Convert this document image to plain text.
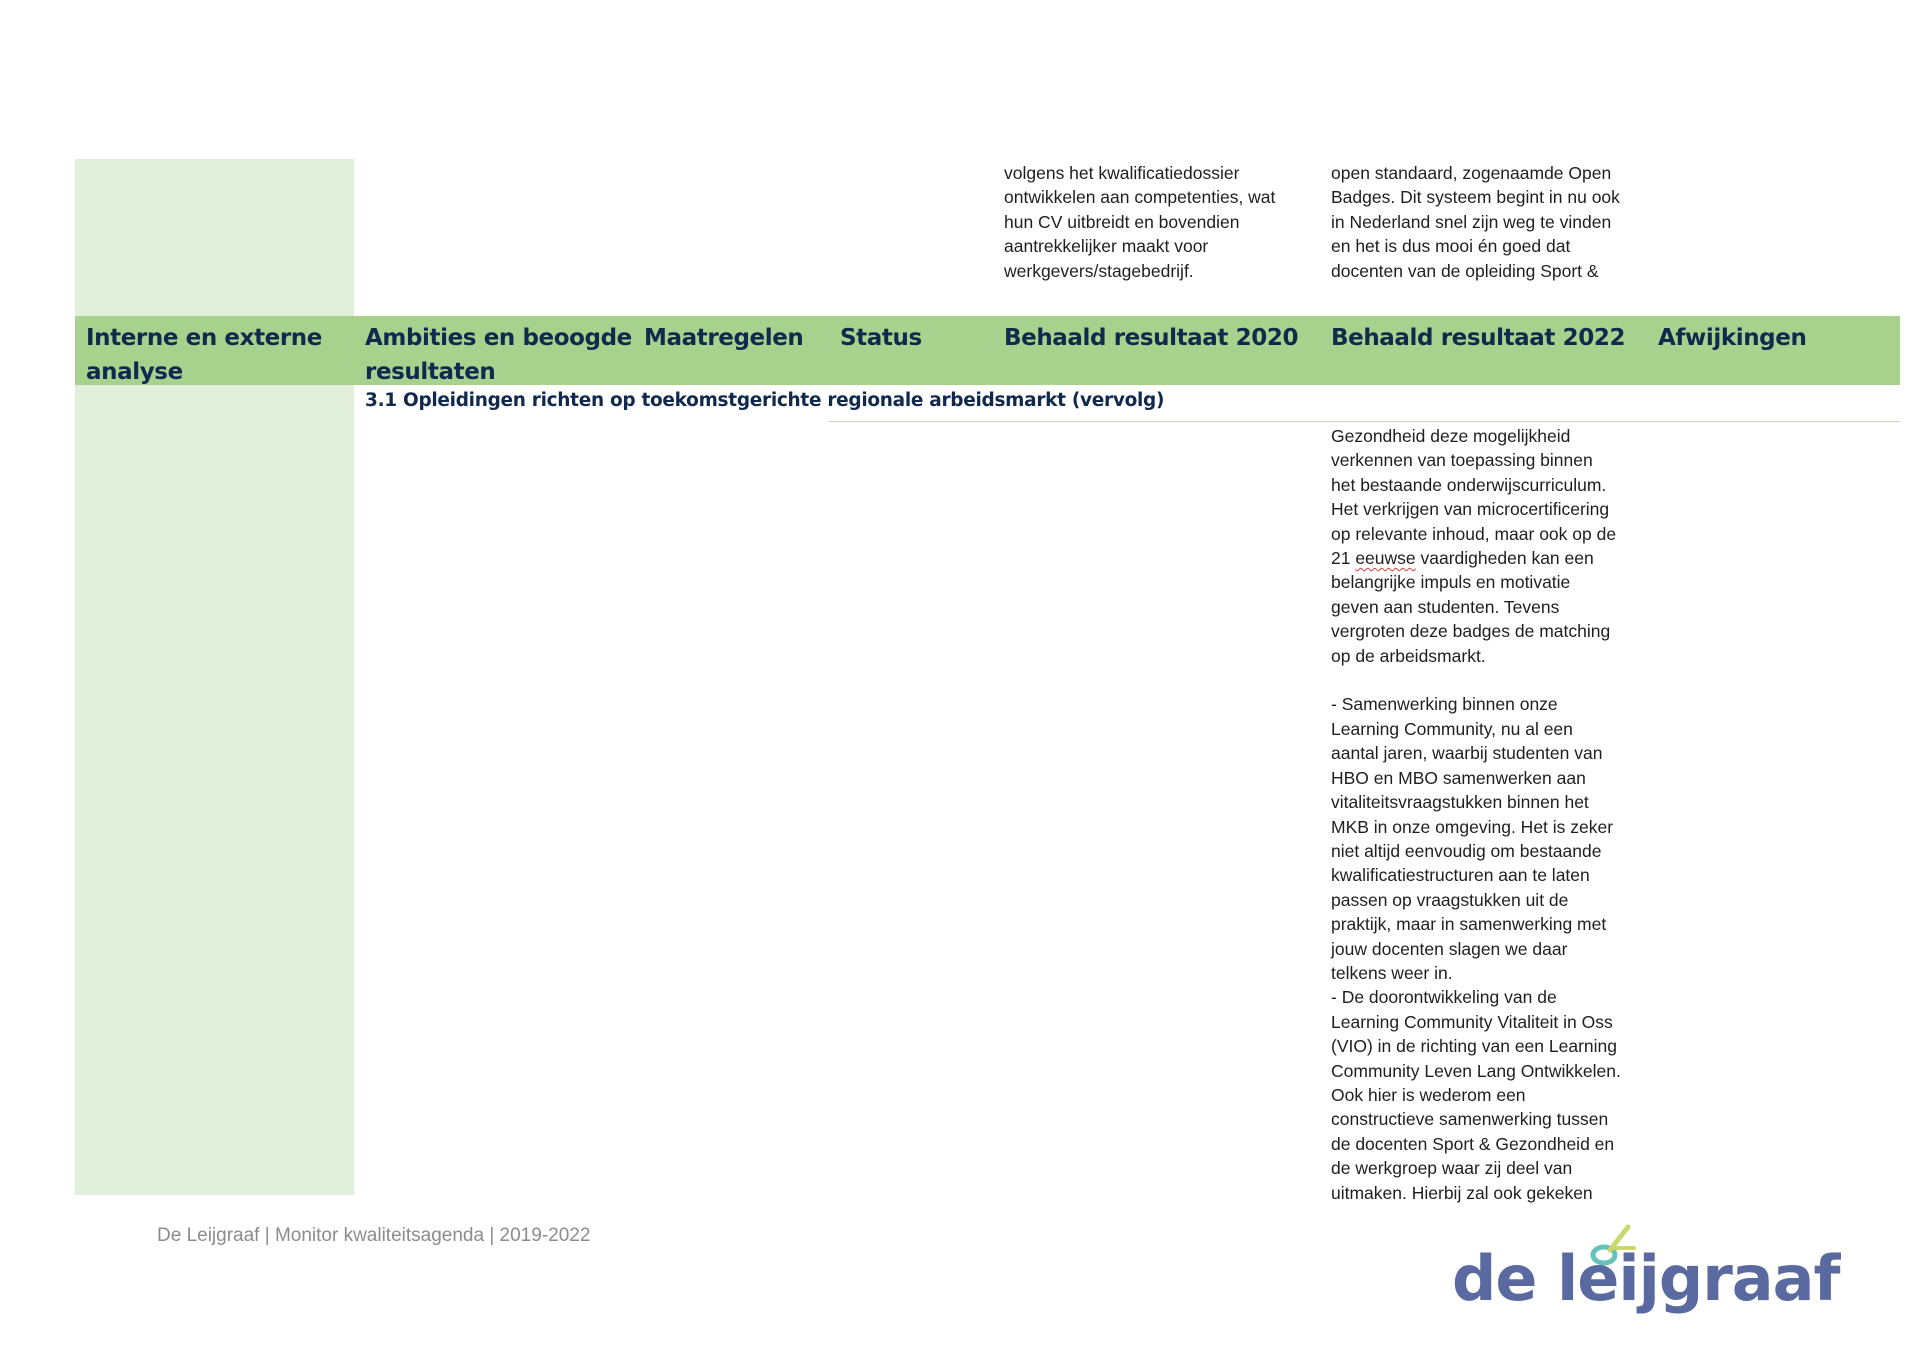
volgens het kwalificatiedossier
ontwikkelen aan competenties, wat
hun CV uitbreidt en bovendien
aantrekkelijker maakt voor
werkgevers/stagebedrijf.
open standaard, zogenaamde Open
Badges. Dit systeem begint in nu ook
in Nederland snel zijn weg te vinden
en het is dus mooi én goed dat
docenten van de opleiding Sport &
Interne en externe analyse
Ambities en beoogde resultaten
Maatregelen Status	Behaald resultaat 2020 Behaald resultaat 2022 Afwijkingen
3.1 Opleidingen richten op toekomstgerichte regionale arbeidsmarkt (vervolg)
Gezondheid deze mogelijkheid
verkennen van toepassing binnen
het bestaande onderwijscurriculum.
Het verkrijgen van microcertificering
op relevante inhoud, maar ook op de
21 eeuwse vaardigheden kan een
belangrijke impuls en motivatie
geven aan studenten. Tevens
vergroten deze badges de matching
op de arbeidsmarkt.

- Samenwerking binnen onze
Learning Community, nu al een
aantal jaren, waarbij studenten van
HBO en MBO samenwerken aan
vitaliteitsvraagstukken binnen het
MKB in onze omgeving. Het is zeker
niet altijd eenvoudig om bestaande
kwalificatiestructuren aan te laten
passen op vraagstukken uit de
praktijk, maar in samenwerking met
jouw docenten slagen we daar
telkens weer in.
- De doorontwikkeling van de
Learning Community Vitaliteit in Oss
(VIO) in de richting van een Learning
Community Leven Lang Ontwikkelen.
Ook hier is wederom een
constructieve samenwerking tussen
de docenten Sport & Gezondheid en
de werkgroep waar zij deel van
uitmaken. Hierbij zal ook gekeken
De Leijgraaf | Monitor kwaliteitsagenda | 2019-2022
de leijgraaf
